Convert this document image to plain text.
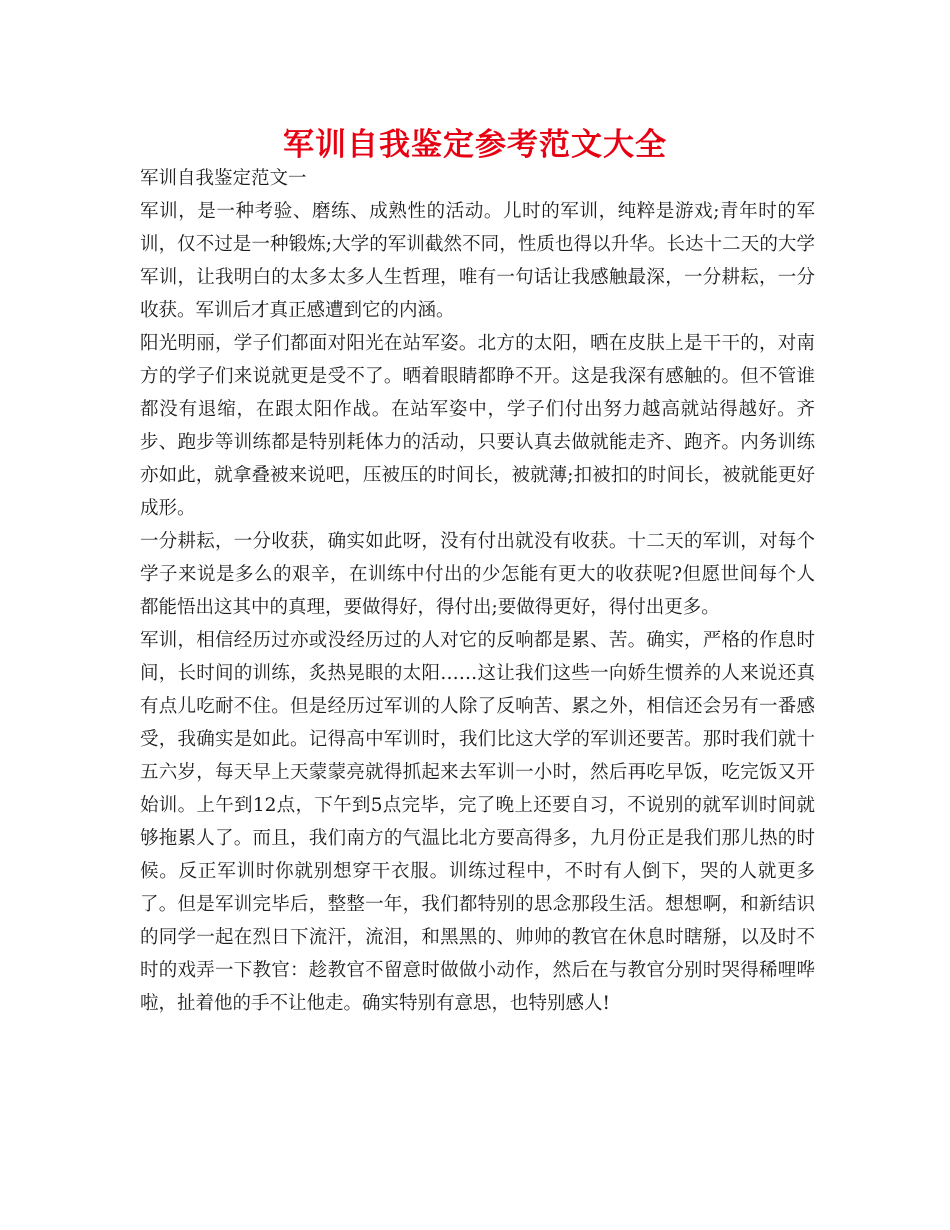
军训自我鉴定参考范文大全

军训自我鉴定范文一

军训，是一种考验、磨练、成熟性的活动。儿时的军训，纯粹是游戏;青年时的军训，仅不过是一种锻炼;大学的军训截然不同，性质也得以升华。长达十二天的大学军训，让我明白的太多太多人生哲理，唯有一句话让我感触最深，一分耕耘，一分收获。军训后才真正感遭到它的内涵。

阳光明丽，学子们都面对阳光在站军姿。北方的太阳，晒在皮肤上是干干的，对南方的学子们来说就更是受不了。晒着眼睛都睁不开。这是我深有感触的。但不管谁都没有退缩，在跟太阳作战。在站军姿中，学子们付出努力越高就站得越好。齐步、跑步等训练都是特别耗体力的活动，只要认真去做就能走齐、跑齐。内务训练亦如此，就拿叠被来说吧，压被压的时间长，被就薄;扣被扣的时间长，被就能更好成形。

一分耕耘，一分收获，确实如此呀，没有付出就没有收获。十二天的军训，对每个学子来说是多么的艰辛，在训练中付出的少怎能有更大的收获呢?但愿世间每个人都能悟出这其中的真理，要做得好，得付出;要做得更好，得付出更多。

军训，相信经历过亦或没经历过的人对它的反响都是累、苦。确实，严格的作息时间，长时间的训练，炙热晃眼的太阳……这让我们这些一向娇生惯养的人来说还真有点儿吃耐不住。但是经历过军训的人除了反响苦、累之外，相信还会另有一番感受，我确实是如此。记得高中军训时，我们比这大学的军训还要苦。那时我们就十五六岁，每天早上天蒙蒙亮就得抓起来去军训一小时，然后再吃早饭，吃完饭又开始训。上午到12点，下午到5点完毕，完了晚上还要自习，不说别的就军训时间就够拖累人了。而且，我们南方的气温比北方要高得多，九月份正是我们那儿热的时候。反正军训时你就别想穿干衣服。训练过程中，不时有人倒下，哭的人就更多了。但是军训完毕后，整整一年，我们都特别的思念那段生活。想想啊，和新结识的同学一起在烈日下流汗，流泪，和黑黑的、帅帅的教官在休息时瞎掰，以及时不时的戏弄一下教官：趁教官不留意时做做小动作，然后在与教官分别时哭得稀哩哗啦，扯着他的手不让他走。确实特别有意思，也特别感人!
